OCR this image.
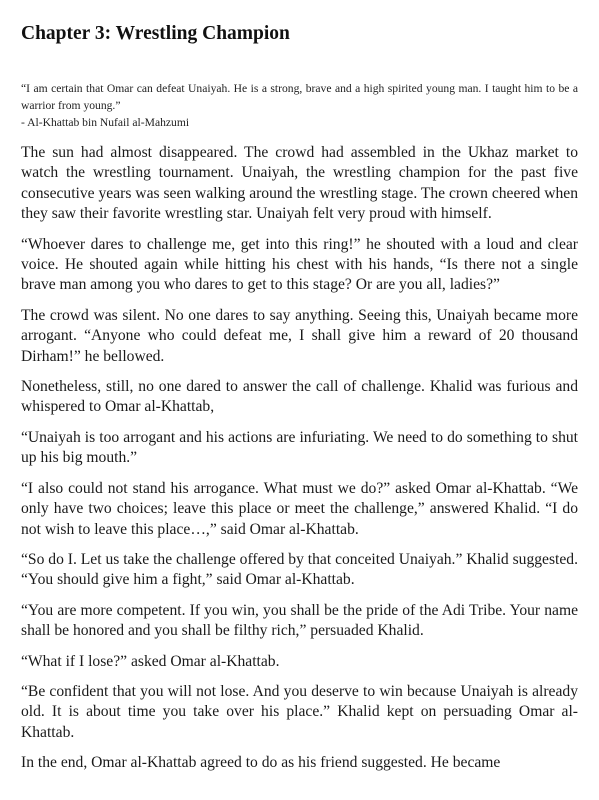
Chapter 3: Wrestling Champion

“I am certain that Omar can defeat Unaiyah. He is a strong, brave and a high spirited young man. I taught him to be a warrior from young.”

- Al-Khattab bin Nufail al-Mahzumi

The sun had almost disappeared. The crowd had assembled in the Ukhaz market to watch the wrestling tournament. Unaiyah, the wrestling champion for the past five consecutive years was seen walking around the wrestling stage. The crown cheered when they saw their favorite wrestling star. Unaiyah felt very proud with himself.

“Whoever dares to challenge me, get into this ring!” he shouted with a loud and clear voice. He shouted again while hitting his chest with his hands, “Is there not a single brave man among you who dares to get to this stage? Or are you all, ladies?”

The crowd was silent. No one dares to say anything. Seeing this, Unaiyah became more arrogant. “Anyone who could defeat me, I shall give him a reward of 20 thousand Dirham!” he bellowed.

Nonetheless, still, no one dared to answer the call of challenge. Khalid was furious and whispered to Omar al-Khattab,

“Unaiyah is too arrogant and his actions are infuriating. We need to do something to shut up his big mouth.”

“I also could not stand his arrogance. What must we do?” asked Omar al-Khattab. “We only have two choices; leave this place or meet the challenge,” answered Khalid. “I do not wish to leave this place…,” said Omar al-Khattab.

“So do I. Let us take the challenge offered by that conceited Unaiyah.” Khalid suggested. “You should give him a fight,” said Omar al-Khattab.

“You are more competent. If you win, you shall be the pride of the Adi Tribe. Your name shall be honored and you shall be filthy rich,” persuaded Khalid.

“What if I lose?” asked Omar al-Khattab.

“Be confident that you will not lose. And you deserve to win because Unaiyah is already old. It is about time you take over his place.” Khalid kept on persuading Omar al-Khattab.

In the end, Omar al-Khattab agreed to do as his friend suggested. He became
